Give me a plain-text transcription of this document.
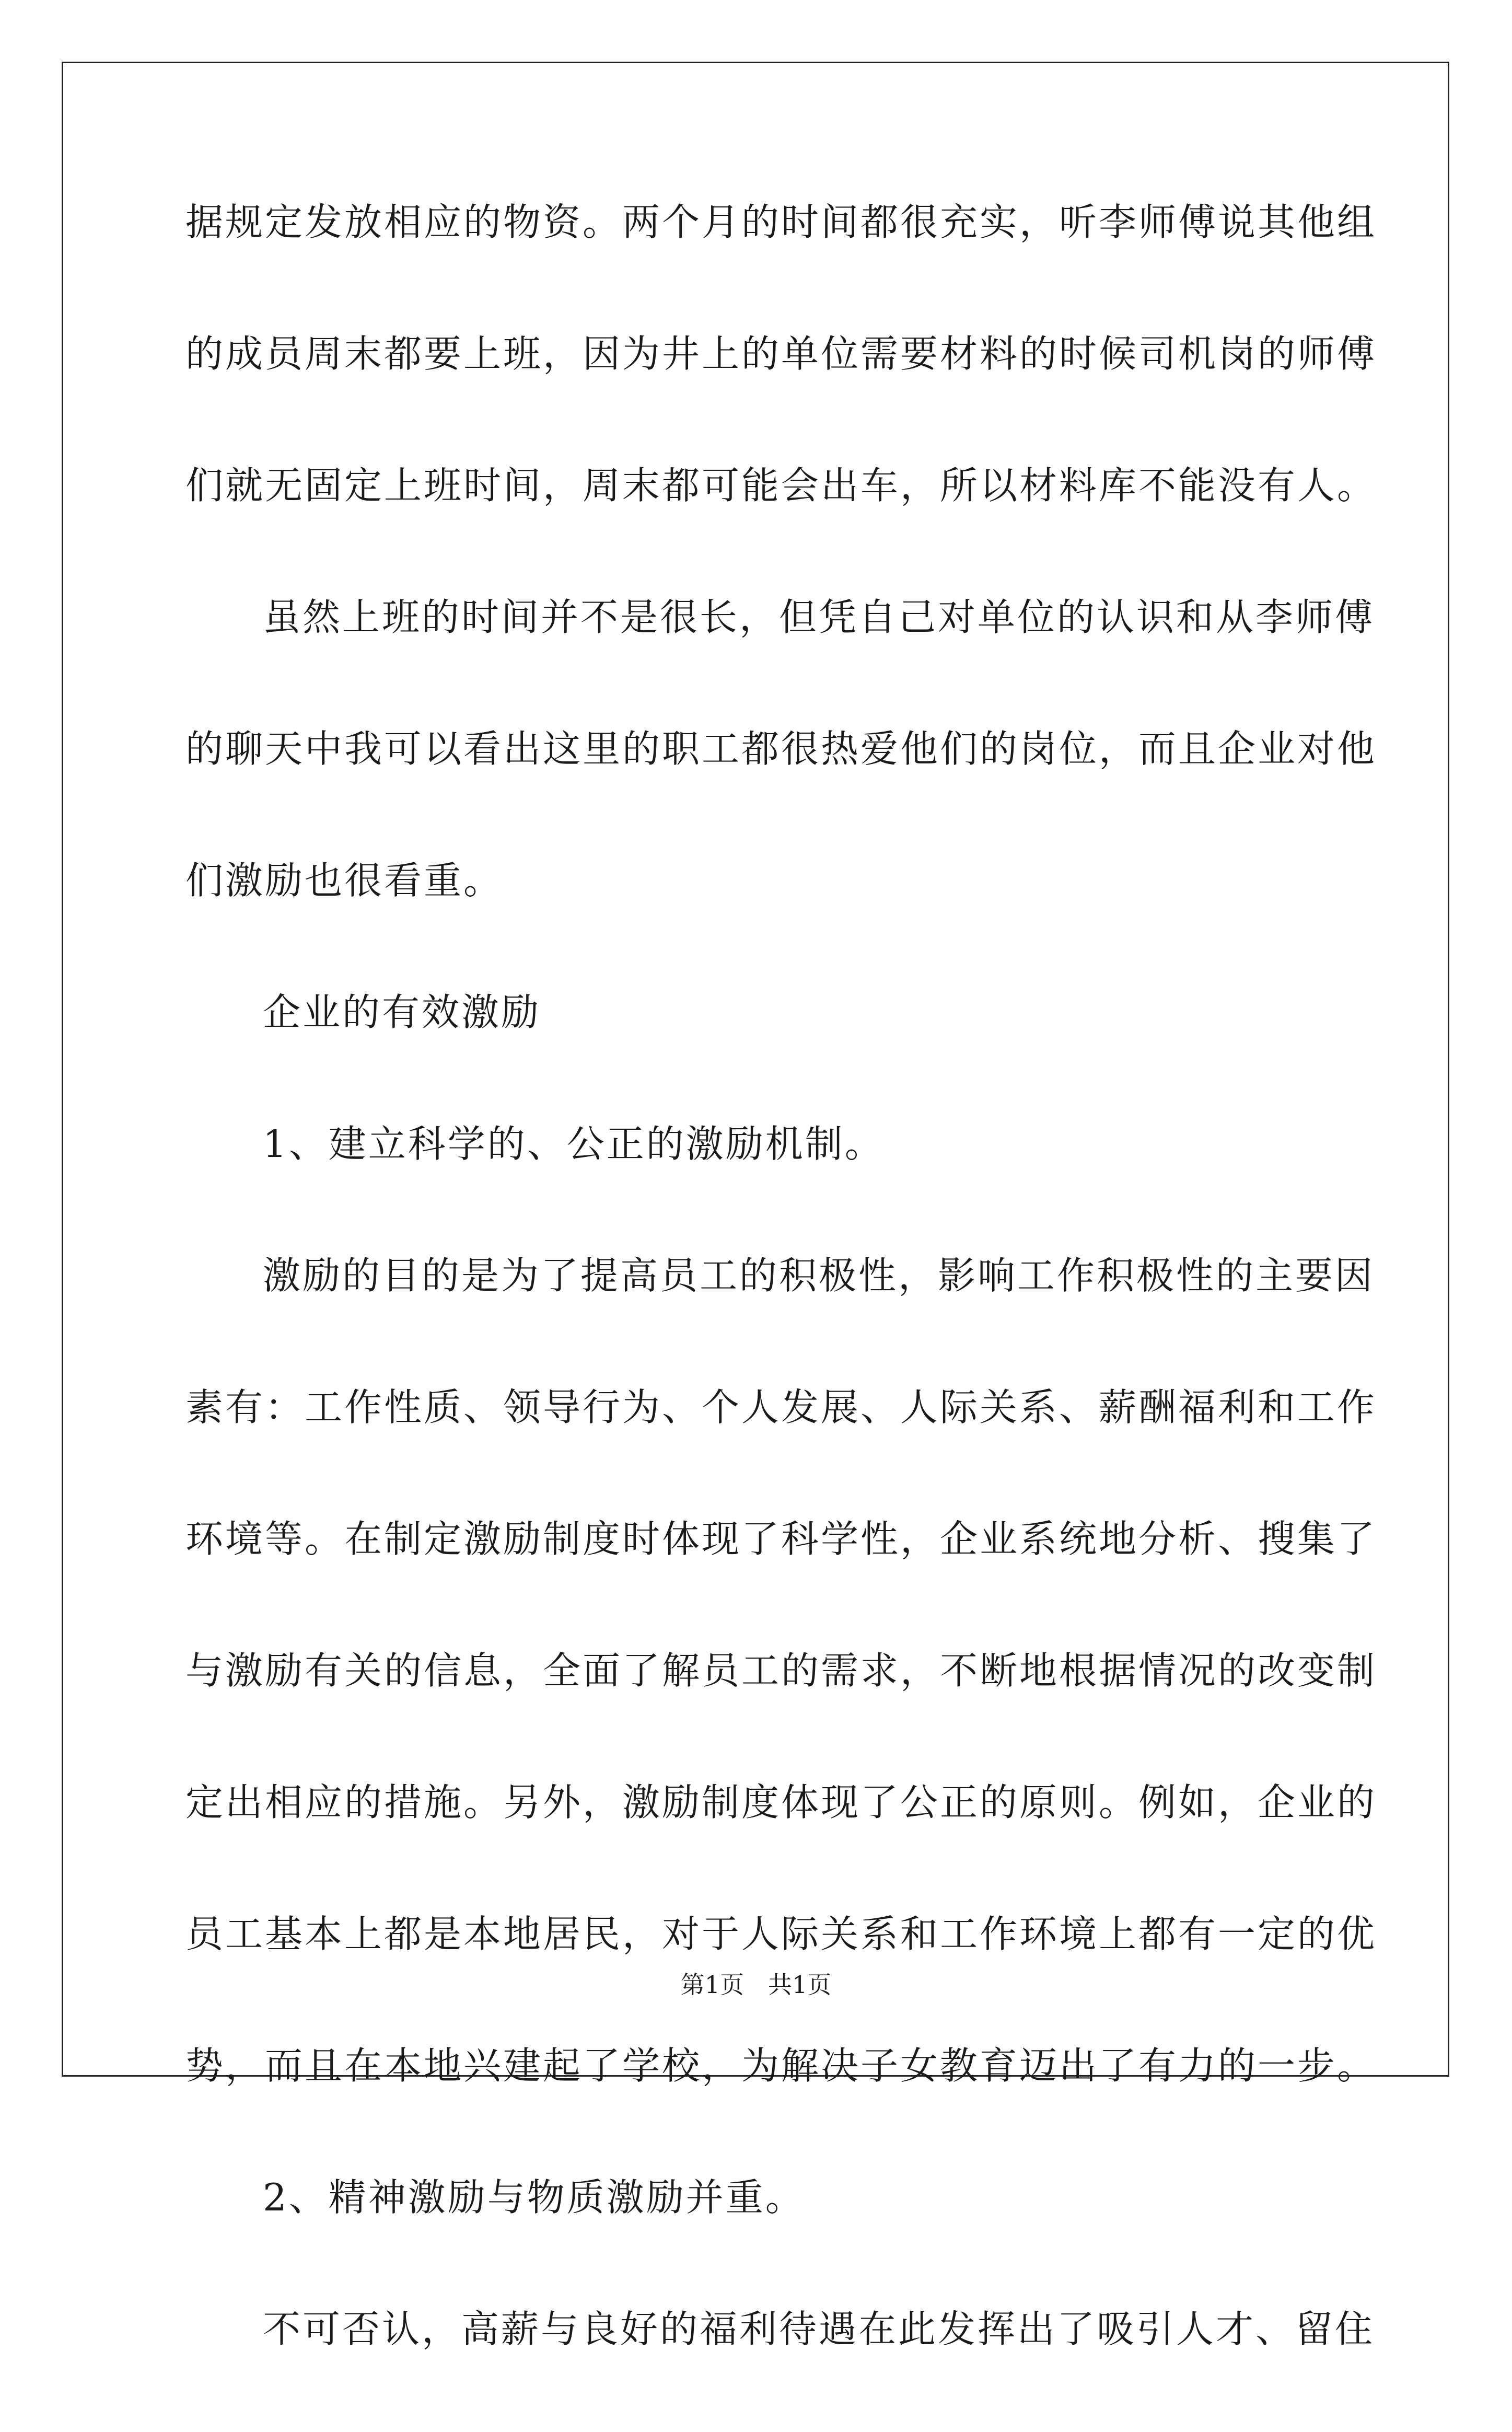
据规定发放相应的物资。两个月的时间都很充实，听李师傅说其他组
的成员周末都要上班，因为井上的单位需要材料的时候司机岗的师傅
们就无固定上班时间，周末都可能会出车，所以材料库不能没有人。
虽然上班的时间并不是很长，但凭自己对单位的认识和从李师傅
的聊天中我可以看出这里的职工都很热爱他们的岗位，而且企业对他
们激励也很看重。
企业的有效激励
1、建立科学的、公正的激励机制。
激励的目的是为了提高员工的积极性，影响工作积极性的主要因
素有：工作性质、领导行为、个人发展、人际关系、薪酬福利和工作
环境等。在制定激励制度时体现了科学性，企业系统地分析、搜集了
与激励有关的信息，全面了解员工的需求，不断地根据情况的改变制
定出相应的措施。另外，激励制度体现了公正的原则。例如，企业的
员工基本上都是本地居民，对于人际关系和工作环境上都有一定的优
势，而且在本地兴建起了学校，为解决子女教育迈出了有力的一步。
2、精神激励与物质激励并重。
不可否认，高薪与良好的福利待遇在此发挥出了吸引人才、留住
第1页　共1页
